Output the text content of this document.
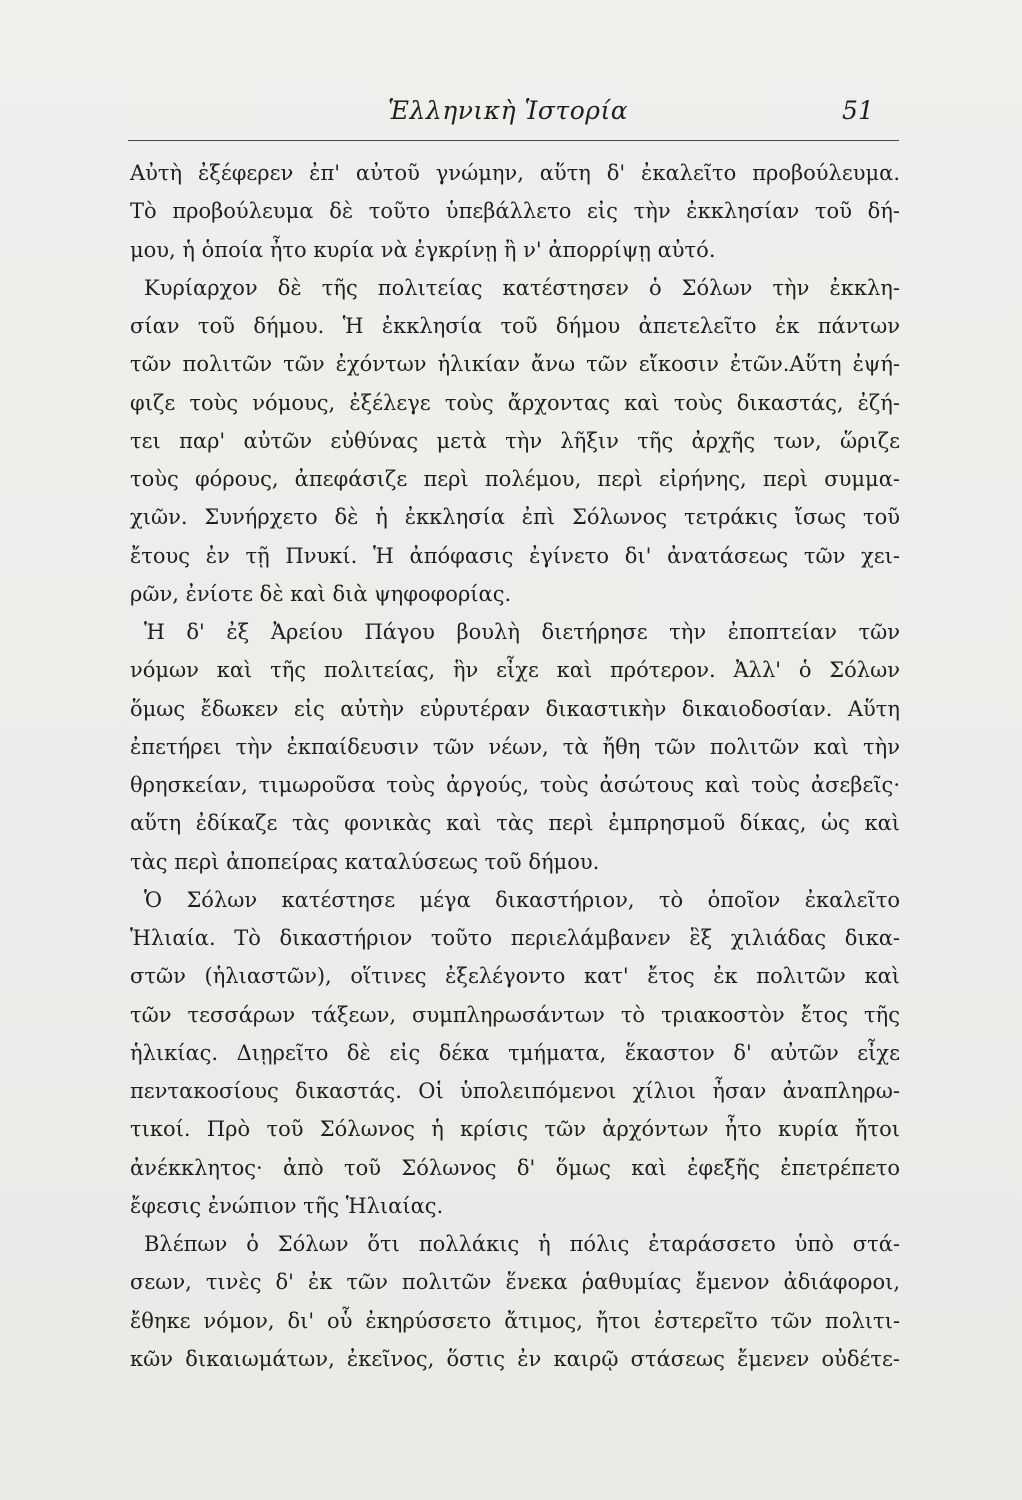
Ἑλληνικὴ Ἱστορία	51
Αὐτὴ ἐξέφερεν ἐπ' αὐτοῦ γνώμην, αὕτη δ' ἐκαλεῖτο προβούλευμα.
Τὸ προβούλευμα δὲ τοῦτο ὑπεβάλλετο εἰς τὴν ἐκκλησίαν τοῦ δή-
μου, ἡ ὁποία ἦτο κυρία νὰ ἐγκρίνῃ ἢ ν' ἀπορρίψῃ αὐτό.
Κυρίαρχον δὲ τῆς πολιτείας κατέστησεν ὁ Σόλων τὴν ἐκκλη-
σίαν τοῦ δήμου. Ἡ ἐκκλησία τοῦ δήμου ἀπετελεῖτο ἐκ πάντων
τῶν πολιτῶν τῶν ἐχόντων ἡλικίαν ἄνω τῶν εἴκοσιν ἐτῶν.Αὕτη ἐψή-
φιζε τοὺς νόμους, ἐξέλεγε τοὺς ἄρχοντας καὶ τοὺς δικαστάς, ἐζή-
τει παρ' αὐτῶν εὐθύνας μετὰ τὴν λῆξιν τῆς ἀρχῆς των, ὥριζε
τοὺς φόρους, ἀπεφάσιζε περὶ πολέμου, περὶ εἰρήνης, περὶ συμμα-
χιῶν. Συνήρχετο δὲ ἡ ἐκκλησία ἐπὶ Σόλωνος τετράκις ἴσως τοῦ
ἔτους ἐν τῇ Πνυκί. Ἡ ἀπόφασις ἐγίνετο δι' ἀνατάσεως τῶν χει-
ρῶν, ἐνίοτε δὲ καὶ διὰ ψηφοφορίας.
Ἡ δ' ἐξ Ἀρείου Πάγου βουλὴ διετήρησε τὴν ἐποπτείαν τῶν
νόμων καὶ τῆς πολιτείας, ἣν εἶχε καὶ πρότερον. Ἀλλ' ὁ Σόλων
ὅμως ἔδωκεν εἰς αὐτὴν εὐρυτέραν δικαστικὴν δικαιοδοσίαν. Αὕτη
ἐπετήρει τὴν ἐκπαίδευσιν τῶν νέων, τὰ ἤθη τῶν πολιτῶν καὶ τὴν
θρησκείαν, τιμωροῦσα τοὺς ἀργούς, τοὺς ἀσώτους καὶ τοὺς ἀσεβεῖς·
αὕτη ἐδίκαζε τὰς φονικὰς καὶ τὰς περὶ ἐμπρησμοῦ δίκας, ὡς καὶ
τὰς περὶ ἀποπείρας καταλύσεως τοῦ δήμου.
Ὁ Σόλων κατέστησε μέγα δικαστήριον, τὸ ὁποῖον ἐκαλεῖτο
Ἡλιαία. Τὸ δικαστήριον τοῦτο περιελάμβανεν ἓξ χιλιάδας δικα-
στῶν (ἡλιαστῶν), οἵτινες ἐξελέγοντο κατ' ἔτος ἐκ πολιτῶν καὶ
τῶν τεσσάρων τάξεων, συμπληρωσάντων τὸ τριακοστὸν ἔτος τῆς
ἡλικίας. Διῃρεῖτο δὲ εἰς δέκα τμήματα, ἕκαστον δ' αὐτῶν εἶχε
πεντακοσίους δικαστάς. Οἱ ὑπολειπόμενοι χίλιοι ἦσαν ἀναπληρω-
τικοί. Πρὸ τοῦ Σόλωνος ἡ κρίσις τῶν ἀρχόντων ἦτο κυρία ἤτοι
ἀνέκκλητος· ἀπὸ τοῦ Σόλωνος δ' ὅμως καὶ ἐφεξῆς ἐπετρέπετο
ἔφεσις ἐνώπιον τῆς Ἡλιαίας.
Βλέπων ὁ Σόλων ὅτι πολλάκις ἡ πόλις ἐταράσσετο ὑπὸ στά-
σεων, τινὲς δ' ἐκ τῶν πολιτῶν ἕνεκα ῥαθυμίας ἔμενον ἀδιάφοροι,
ἔθηκε νόμον, δι' οὗ ἐκηρύσσετο ἄτιμος, ἤτοι ἐστερεῖτο τῶν πολιτι-
κῶν δικαιωμάτων, ἐκεῖνος, ὅστις ἐν καιρῷ στάσεως ἔμενεν οὐδέτε-
